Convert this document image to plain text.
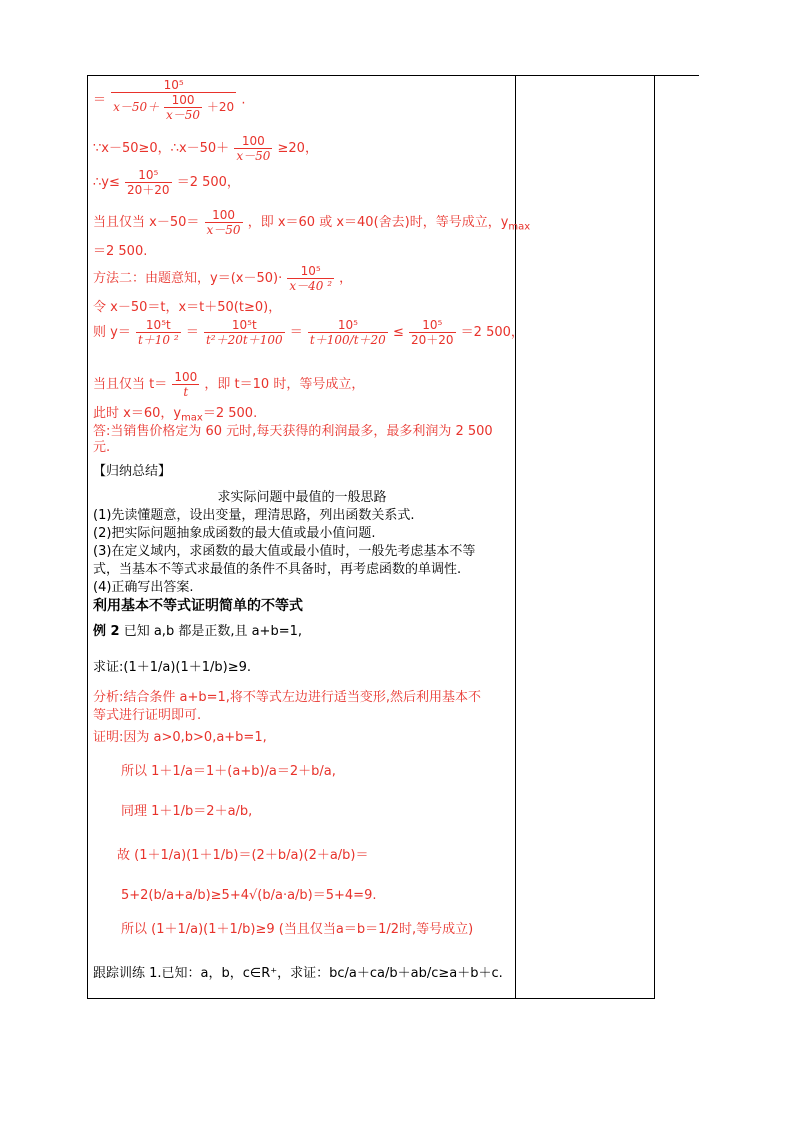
＝
10⁵
$x-50+ \frac{100}{x-50} +20$ .
∵x－50≥0，∴x－50＋ $\frac{100}{x-50} \ge 20$，
∴y≤ $\frac{\text{10⁵}}{20+20} =2$ 500，
当且仅当 $x-50= \frac{100}{x-50}$ ，即 x＝60 或 x＝40(舍去)时，等号成立，$y_{max}$
＝2 500.
方法二：由题意知，$y=(x-50)\cdot \frac{\text{10⁵}}{\text{x－40 ²}}$ ，
令 x－50＝t，x＝t＋50(t≥0)，
则 $y= \frac{\text{10⁵t}}{\text{t＋10 ²}} = \frac{\text{10⁵t}}{\text{t²＋20t＋100}} = \frac{\text{10⁵}}{t+100/t+20} \le \frac{\text{10⁵}}{20+20} =2$ 500，
当且仅当 $t= \frac{100}{t}$ ，即 t＝10 时，等号成立，
此时 x＝60，$y_{max}=2$ 500.
答:当销售价格定为 60 元时,每天获得的利润最多，最多利润为 2 500
元.
【归纳总结】
求实际问题中最值的一般思路
(1)先读懂题意，设出变量，理清思路，列出函数关系式.
(2)把实际问题抽象成函数的最大值或最小值问题.
(3)在定义域内，求函数的最大值或最小值时，一般先考虑基本不等
式，当基本不等式求最值的条件不具备时，再考虑函数的单调性.
(4)正确写出答案.
利用基本不等式证明简单的不等式
例 2 已知 a,b 都是正数,且 a+b=1,
求证:(1＋1/a)(1＋1/b)≥9.
分析:结合条件 a+b=1,将不等式左边进行适当变形,然后利用基本不
等式进行证明即可.
证明:因为 a>0,b>0,a+b=1,
所以 1＋1/a＝1＋(a+b)/a＝2＋b/a,
同理 1＋1/b＝2＋a/b,
故 (1＋1/a)(1＋1/b)＝(2＋b/a)(2＋a/b)＝
5+2(b/a+a/b)≥5+4√(b/a·a/b)＝5+4=9.
所以 (1＋1/a)(1＋1/b)≥9 (当且仅当a＝b＝1/2时,等号成立)
跟踪训练 1.已知：a，b，c∈R⁺，求证：bc/a＋ca/b＋ab/c≥a＋b＋c.
